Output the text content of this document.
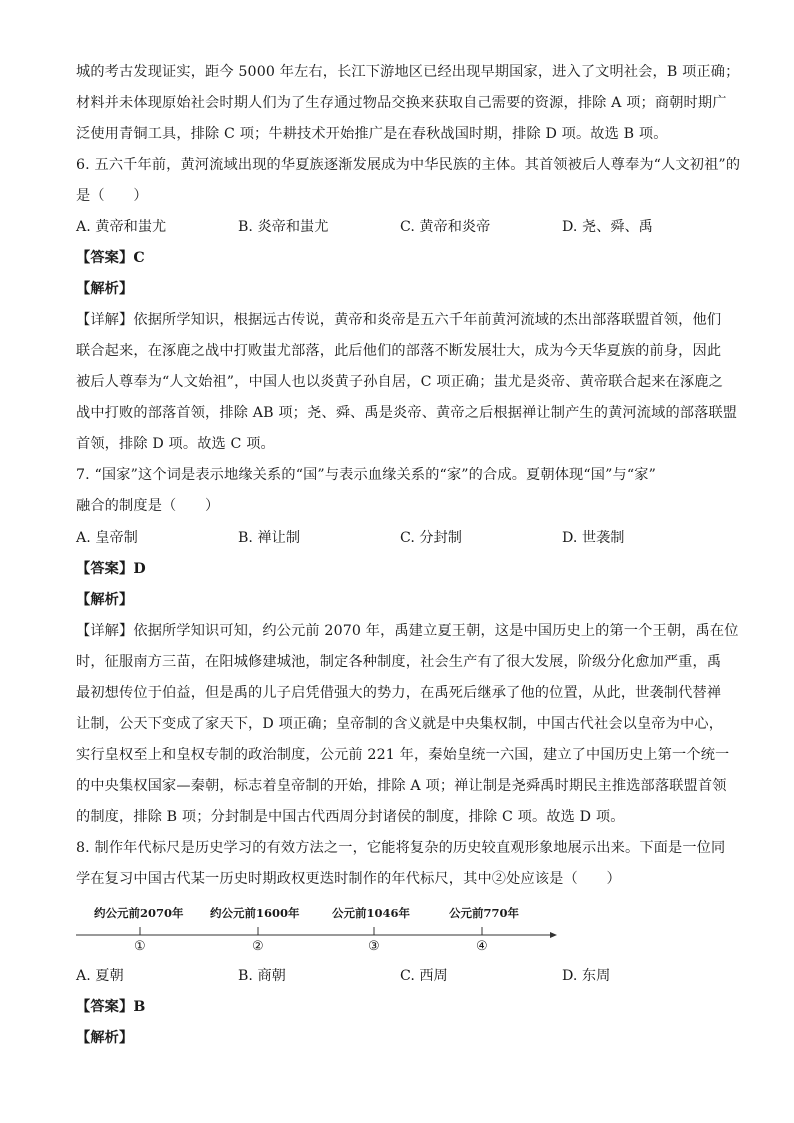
城的考古发现证实，距今 5000 年左右，长江下游地区已经出现早期国家，进入了文明社会，B 项正确；
材料并未体现原始社会时期人们为了生存通过物品交换来获取自己需要的资源，排除 A 项；商朝时期广
泛使用青铜工具，排除 C 项；牛耕技术开始推广是在春秋战国时期，排除 D 项。故选 B 项。
6. 五六千年前，黄河流域出现的华夏族逐渐发展成为中华民族的主体。其首领被后人尊奉为“人文初祖”的
是（　　）
A. 黄帝和蚩尤	B. 炎帝和蚩尤	C. 黄帝和炎帝	D. 尧、舜、禹
【答案】C
【解析】
【详解】依据所学知识，根据远古传说，黄帝和炎帝是五六千年前黄河流域的杰出部落联盟首领，他们
联合起来，在涿鹿之战中打败蚩尤部落，此后他们的部落不断发展壮大，成为今天华夏族的前身，因此
被后人尊奉为“人文始祖”，中国人也以炎黄子孙自居，C 项正确；蚩尤是炎帝、黄帝联合起来在涿鹿之
战中打败的部落首领，排除 AB 项；尧、舜、禹是炎帝、黄帝之后根据禅让制产生的黄河流域的部落联盟
首领，排除 D 项。故选 C 项。
7. “国家”这个词是表示地缘关系的“国”与表示血缘关系的“家”的合成。夏朝体现“国”与“家”
融合的制度是（　　）
A. 皇帝制	B. 禅让制	C. 分封制	D. 世袭制
【答案】D
【解析】
【详解】依据所学知识可知，约公元前 2070 年，禹建立夏王朝，这是中国历史上的第一个王朝，禹在位
时，征服南方三苗，在阳城修建城池，制定各种制度，社会生产有了很大发展，阶级分化愈加严重，禹
最初想传位于伯益，但是禹的儿子启凭借强大的势力，在禹死后继承了他的位置，从此，世袭制代替禅
让制，公天下变成了家天下，D 项正确；皇帝制的含义就是中央集权制，中国古代社会以皇帝为中心，
实行皇权至上和皇权专制的政治制度，公元前 221 年，秦始皇统一六国，建立了中国历史上第一个统一
的中央集权国家—秦朝，标志着皇帝制的开始，排除 A 项；禅让制是尧舜禹时期民主推选部落联盟首领
的制度，排除 B 项；分封制是中国古代西周分封诸侯的制度，排除 C 项。故选 D 项。
8. 制作年代标尺是历史学习的有效方法之一，它能将复杂的历史较直观形象地展示出来。下面是一位同
学在复习中国古代某一历史时期政权更迭时制作的年代标尺，其中②处应该是（　　）
约公元前2070年 约公元前1600年	公元前1046年	公元前770年
①	②	③	④
A. 夏朝	B. 商朝	C. 西周	D. 东周
【答案】B
【解析】
